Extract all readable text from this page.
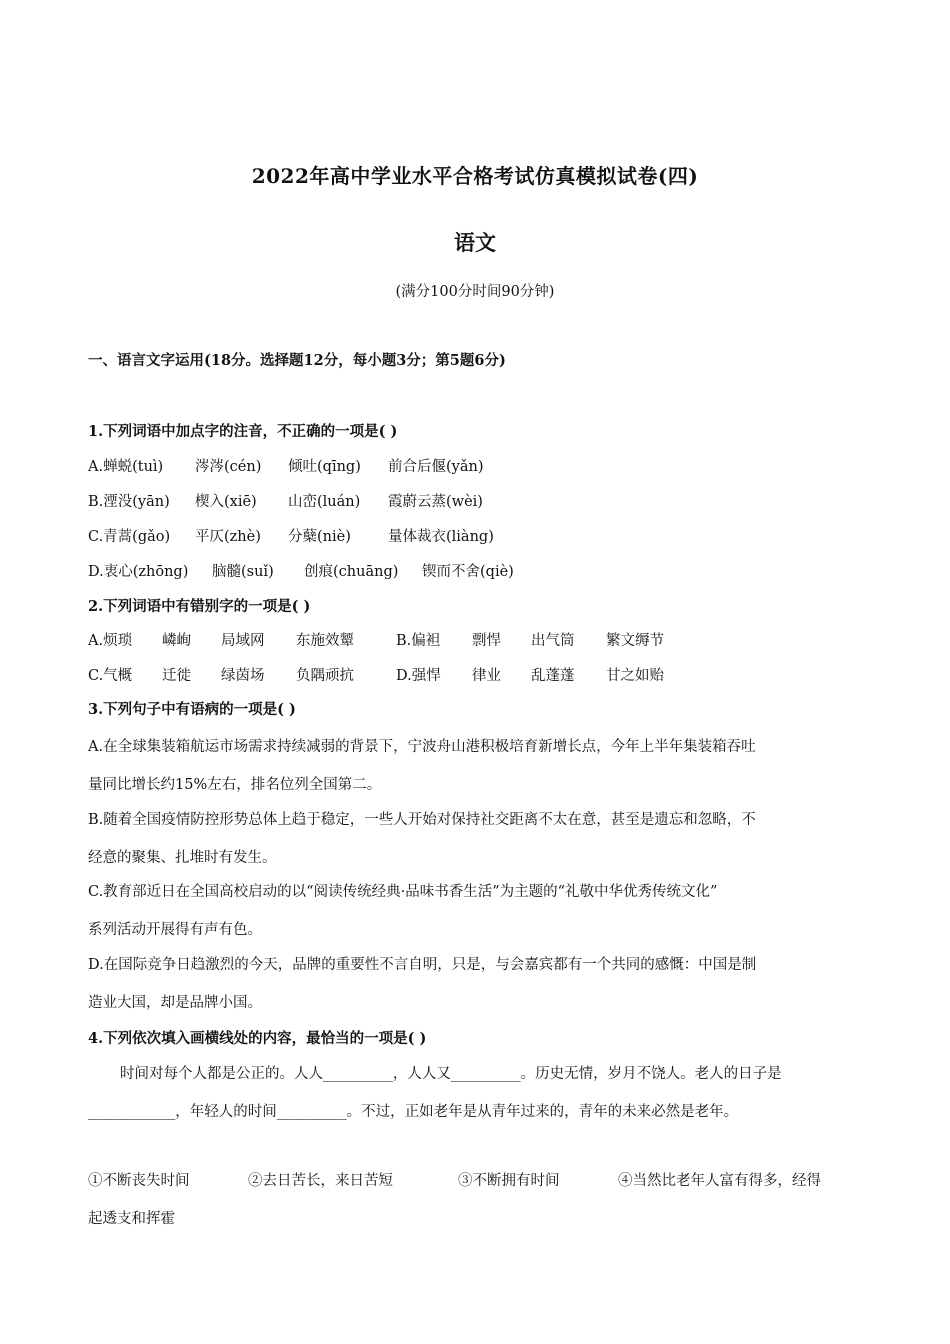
2022年高中学业水平合格考试仿真模拟试卷(四)
语文
(满分100分时间90分钟)
一、语言文字运用(18分。选择题12分，每小题3分；第5题6分)
1.下列词语中加点字的注音，不正确的一项是( )
A.蝉蜕(tuì) 涔涔(cén) 倾吐(qīng) 前合后偃(yǎn)
B.湮没(yān) 楔入(xiē) 山峦(luán) 霞蔚云蒸(wèi)
C.青蒿(gǎo) 平仄(zhè) 分蘖(niè)	量体裁衣(liàng)
D.衷心(zhōng) 脑髓(suǐ) 创痕(chuāng) 锲而不舍(qiè)
2.下列词语中有错别字的一项是( )
A.烦琐 嶙峋 局域网 东施效颦	B.偏袒 剽悍 出气筒 繁文缛节
C.气概 迁徙 绿茵场 负隅顽抗	D.强悍 律业 乱蓬蓬 甘之如贻
3.下列句子中有语病的一项是( )
A.在全球集装箱航运市场需求持续减弱的背景下，宁波舟山港积极培育新增长点，今年上半年集装箱吞吐
量同比增长约15%左右，排名位列全国第二。
B.随着全国疫情防控形势总体上趋于稳定，一些人开始对保持社交距离不太在意，甚至是遗忘和忽略，不
经意的聚集、扎堆时有发生。
C.教育部近日在全国高校启动的以“阅读传统经典·品味书香生活”为主题的“礼敬中华优秀传统文化”
系列活动开展得有声有色。
D.在国际竞争日趋激烈的今天，品牌的重要性不言自明，只是，与会嘉宾都有一个共同的感慨：中国是制
造业大国，却是品牌小国。
4.下列依次填入画横线处的内容，最恰当的一项是( )
时间对每个人都是公正的。人人________，人人又________。历史无情，岁月不饶人。老人的日子是
__________，年轻人的时间________。不过，正如老年是从青年过来的，青年的未来必然是老年。
①不断丧失时间	②去日苦长，来日苦短	③不断拥有时间	④当然比老年人富有得多，经得
起透支和挥霍
